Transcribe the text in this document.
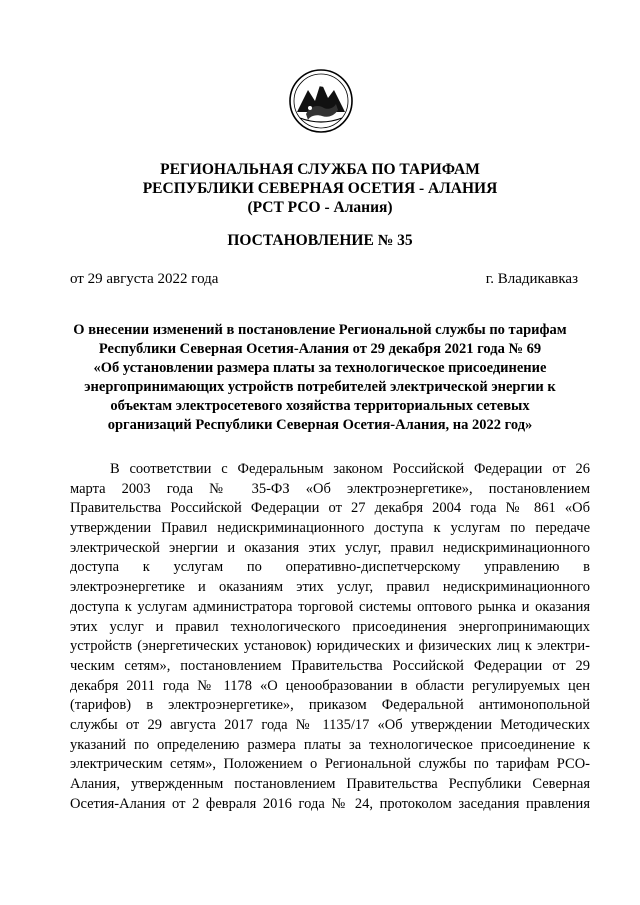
РЕГИОНАЛЬНАЯ СЛУЖБА ПО ТАРИФАМ
РЕСПУБЛИКИ СЕВЕРНАЯ ОСЕТИЯ - АЛАНИЯ
(РСТ РСО - Алания)
ПОСТАНОВЛЕНИЕ № 35
от 29 августа 2022 года	г. Владикавказ
О внесении изменений в постановление Региональной службы по тарифам
Республики Северная Осетия-Алания от 29 декабря 2021 года № 69
«Об установлении размера платы за технологическое присоединение
энергопринимающих устройств потребителей электрической энергии к
объектам электросетевого хозяйства территориальных сетевых
организаций Республики Северная Осетия-Алания, на 2022 год»
В соответствии с Федеральным законом Российской Федерации от 26
марта 2003 года № 35-ФЗ «Об электроэнергетике», постановлением
Правительства Российской Федерации от 27 декабря 2004 года № 861 «Об
утверждении Правил недискриминационного доступа к услугам по передаче
электрической энергии и оказания этих услуг, правил недискриминационного
доступа к услугам по оперативно-диспетчерскому управлению в
электроэнергетике и оказаниям этих услуг, правил недискриминационного
доступа к услугам администратора торговой системы оптового рынка и оказания
этих услуг и правил технологического присоединения энергопринимающих
устройств (энергетических установок) юридических и физических лиц к электри-
ческим сетям», постановлением Правительства Российской Федерации от 29
декабря 2011 года № 1178 «О ценообразовании в области регулируемых цен
(тарифов) в электроэнергетике», приказом Федеральной антимонопольной
службы от 29 августа 2017 года № 1135/17 «Об утверждении Методических
указаний по определению размера платы за технологическое присоединение к
электрическим сетям», Положением о Региональной службы по тарифам РСО-
Алания, утвержденным постановлением Правительства Республики Северная
Осетия-Алания от 2 февраля 2016 года № 24, протоколом заседания правления
